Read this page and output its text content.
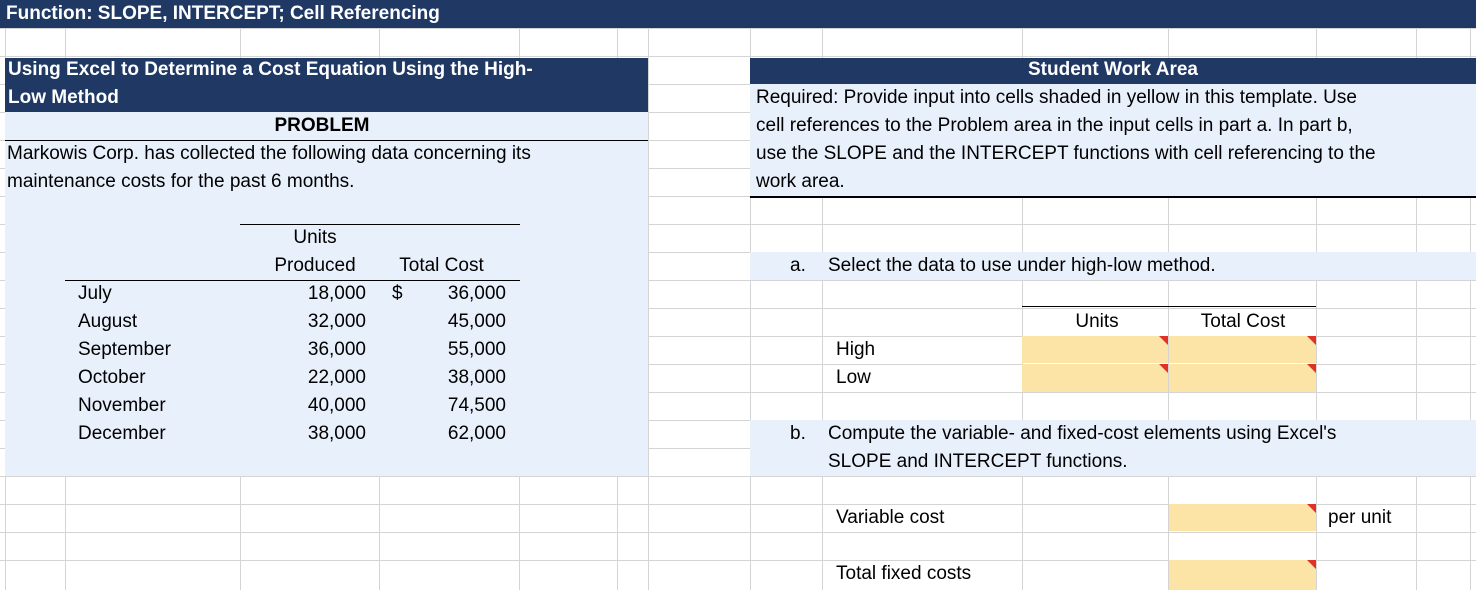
Function: SLOPE, INTERCEPT; Cell Referencing
Using Excel to Determine a Cost Equation Using the High-
Low Method
PROBLEM
Markowis Corp. has collected the following data concerning its
maintenance costs for the past 6 months.
Units
Produced	Total Cost
July	18,000 $	36,000
August	32,000	45,000
September	36,000	55,000
October	22,000	38,000
November	40,000	74,500
December	38,000	62,000
Student Work Area
Required: Provide input into cells shaded in yellow in this template. Use
cell references to the Problem area in the input cells in part a. In part b,
use the SLOPE and the INTERCEPT functions with cell referencing to the
work area.
a. Select the data to use under high-low method.
Units	Total Cost
High
Low
b. Compute the variable- and fixed-cost elements using Excel's
SLOPE and INTERCEPT functions.
Variable cost	per unit
Total fixed costs
